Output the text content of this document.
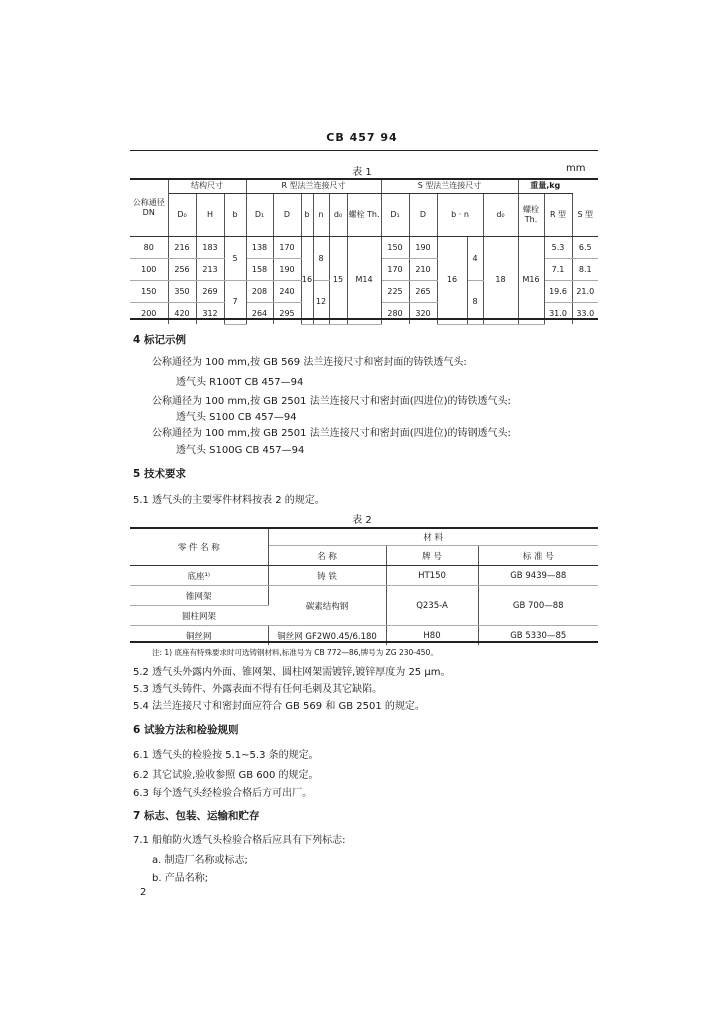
CB 457 94
表 1	mm
公称通径 DN	结构尺寸			R 型法兰连接尺寸						S 型法兰连接尺寸					重量,kg		
	D₀	H	b	D₁	D	b	n	d₀	螺栓 Th.	D₁	D	b · n		d₀	螺栓 Th.	R 型	S 型
80	216	183	5	138	170	16	8	15	M14	150	190	16	4	18	M16	5.3	6.5
100	256	213		158	190					170	210					7.1	8.1
150	350	269	7	208	240		12			225	265		8			19.6	21.0
200	420	312		264	295					280	320					31.0	33.0
4 标记示例
公称通径为 100 mm,按 GB 569 法兰连接尺寸和密封面的铸铁透气头:
透气头 R100T CB 457—94
公称通径为 100 mm,按 GB 2501 法兰连接尺寸和密封面(四进位)的铸铁透气头:
透气头 S100 CB 457—94
公称通径为 100 mm,按 GB 2501 法兰连接尺寸和密封面(四进位)的铸钢透气头:
透气头 S100G CB 457—94
5 技术要求
5.1 透气头的主要零件材料按表 2 的规定。
表 2
零 件 名 称	材 料		
	名 称	牌 号	标 准 号
底座¹⁾	铸 铁	HT150	GB 9439—88
锥网架	碳素结构钢	Q235-A	GB 700—88
圆柱网架			
铜丝网	铜丝网 GF2W0.45/6.180	H80	GB 5330—85
注: 1) 底座有特殊要求时可选铸钢材料,标准号为 CB 772—86,牌号为 ZG 230-450。
5.2 透气头外露内外面、锥网架、圆柱网架需镀锌,镀锌厚度为 25 μm。
5.3 透气头铸件、外露表面不得有任何毛刺及其它缺陷。
5.4 法兰连接尺寸和密封面应符合 GB 569 和 GB 2501 的规定。
6 试验方法和检验规则
6.1 透气头的检验按 5.1~5.3 条的规定。
6.2 其它试验,验收参照 GB 600 的规定。
6.3 每个透气头经检验合格后方可出厂。
7 标志、包装、运输和贮存
7.1 船舶防火透气头检验合格后应具有下列标志:
a. 制造厂名称或标志;
b. 产品名称;
2
